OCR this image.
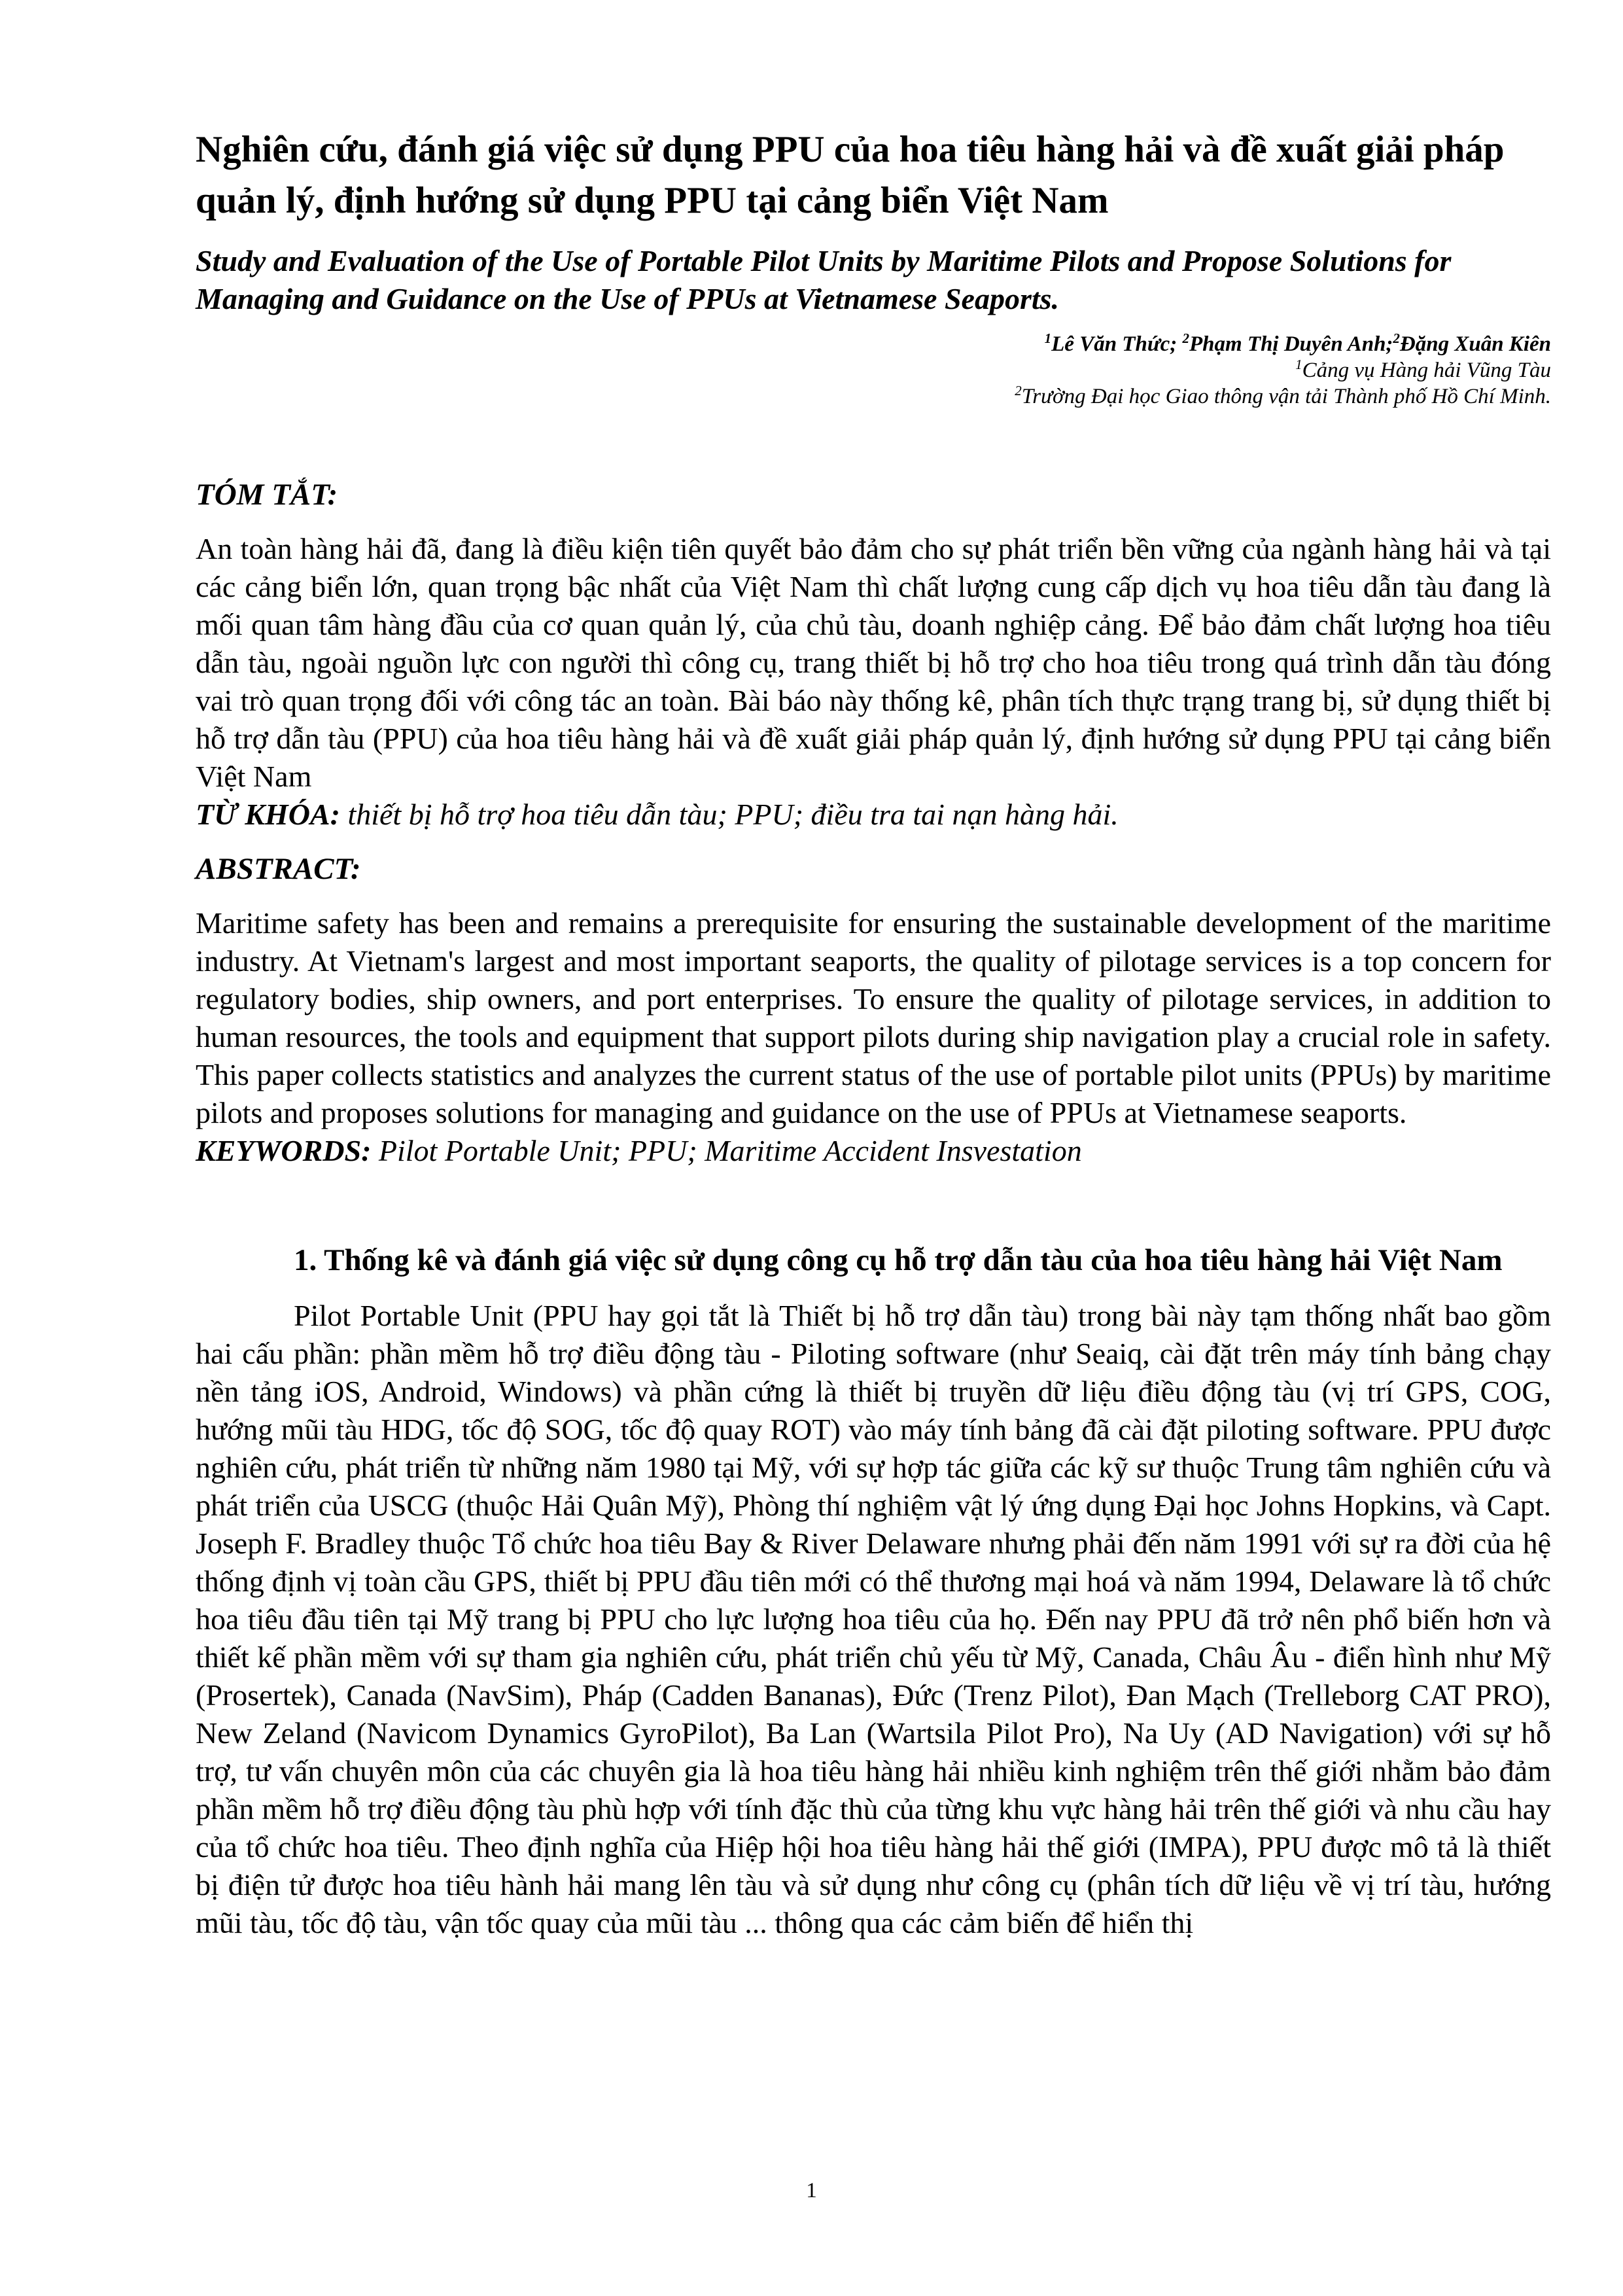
Nghiên cứu, đánh giá việc sử dụng PPU của hoa tiêu hàng hải và đề xuất giải pháp quản lý, định hướng sử dụng PPU tại cảng biển Việt Nam

Study and Evaluation of the Use of Portable Pilot Units by Maritime Pilots and Propose Solutions for Managing and Guidance on the Use of PPUs at Vietnamese Seaports.

$^1$Lê Văn Thức; $^2$Phạm Thị Duyên Anh;$^2$Đặng Xuân Kiên
$^1$Cảng vụ Hàng hải Vũng Tàu
$^2$Trường Đại học Giao thông vận tải Thành phố Hồ Chí Minh.
TÓM TẮT:

An toàn hàng hải đã, đang là điều kiện tiên quyết bảo đảm cho sự phát triển bền vững của ngành hàng hải và tại các cảng biển lớn, quan trọng bậc nhất của Việt Nam thì chất lượng cung cấp dịch vụ hoa tiêu dẫn tàu đang là mối quan tâm hàng đầu của cơ quan quản lý, của chủ tàu, doanh nghiệp cảng. Để bảo đảm chất lượng hoa tiêu dẫn tàu, ngoài nguồn lực con người thì công cụ, trang thiết bị hỗ trợ cho hoa tiêu trong quá trình dẫn tàu đóng vai trò quan trọng đối với công tác an toàn. Bài báo này thống kê, phân tích thực trạng trang bị, sử dụng thiết bị hỗ trợ dẫn tàu (PPU) của hoa tiêu hàng hải và đề xuất giải pháp quản lý, định hướng sử dụng PPU tại cảng biển Việt Nam

TỪ KHÓA: thiết bị hỗ trợ hoa tiêu dẫn tàu; PPU; điều tra tai nạn hàng hải.

ABSTRACT:

Maritime safety has been and remains a prerequisite for ensuring the sustainable development of the maritime industry. At Vietnam's largest and most important seaports, the quality of pilotage services is a top concern for regulatory bodies, ship owners, and port enterprises. To ensure the quality of pilotage services, in addition to human resources, the tools and equipment that support pilots during ship navigation play a crucial role in safety. This paper collects statistics and analyzes the current status of the use of portable pilot units (PPUs) by maritime pilots and proposes solutions for managing and guidance on the use of PPUs at Vietnamese seaports.

KEYWORDS: Pilot Portable Unit; PPU; Maritime Accident Insvestation

1. Thống kê và đánh giá việc sử dụng công cụ hỗ trợ dẫn tàu của hoa tiêu hàng hải Việt Nam

Pilot Portable Unit (PPU hay gọi tắt là Thiết bị hỗ trợ dẫn tàu) trong bài này tạm thống nhất bao gồm hai cấu phần: phần mềm hỗ trợ điều động tàu - Piloting software (như Seaiq, cài đặt trên máy tính bảng chạy nền tảng iOS, Android, Windows) và phần cứng là thiết bị truyền dữ liệu điều động tàu (vị trí GPS, COG, hướng mũi tàu HDG, tốc độ SOG, tốc độ quay ROT) vào máy tính bảng đã cài đặt piloting software. PPU được nghiên cứu, phát triển từ những năm 1980 tại Mỹ, với sự hợp tác giữa các kỹ sư thuộc Trung tâm nghiên cứu và phát triển của USCG (thuộc Hải Quân Mỹ), Phòng thí nghiệm vật lý ứng dụng Đại học Johns Hopkins, và Capt. Joseph F. Bradley thuộc Tổ chức hoa tiêu Bay & River Delaware nhưng phải đến năm 1991 với sự ra đời của hệ thống định vị toàn cầu GPS, thiết bị PPU đầu tiên mới có thể thương mại hoá và năm 1994, Delaware là tổ chức hoa tiêu đầu tiên tại Mỹ trang bị PPU cho lực lượng hoa tiêu của họ. Đến nay PPU đã trở nên phổ biến hơn và thiết kế phần mềm với sự tham gia nghiên cứu, phát triển chủ yếu từ Mỹ, Canada, Châu Âu - điển hình như Mỹ (Prosertek), Canada (NavSim), Pháp (Cadden Bananas), Đức (Trenz Pilot), Đan Mạch (Trelleborg CAT PRO), New Zeland (Navicom Dynamics GyroPilot), Ba Lan (Wartsila Pilot Pro), Na Uy (AD Navigation) với sự hỗ trợ, tư vấn chuyên môn của các chuyên gia là hoa tiêu hàng hải nhiều kinh nghiệm trên thế giới nhằm bảo đảm phần mềm hỗ trợ điều động tàu phù hợp với tính đặc thù của từng khu vực hàng hải trên thế giới và nhu cầu hay của tổ chức hoa tiêu. Theo định nghĩa của Hiệp hội hoa tiêu hàng hải thế giới (IMPA), PPU được mô tả là thiết bị điện tử được hoa tiêu hành hải mang lên tàu và sử dụng như công cụ (phân tích dữ liệu về vị trí tàu, hướng mũi tàu, tốc độ tàu, vận tốc quay của mũi tàu ... thông qua các cảm biến để hiển thị

1
